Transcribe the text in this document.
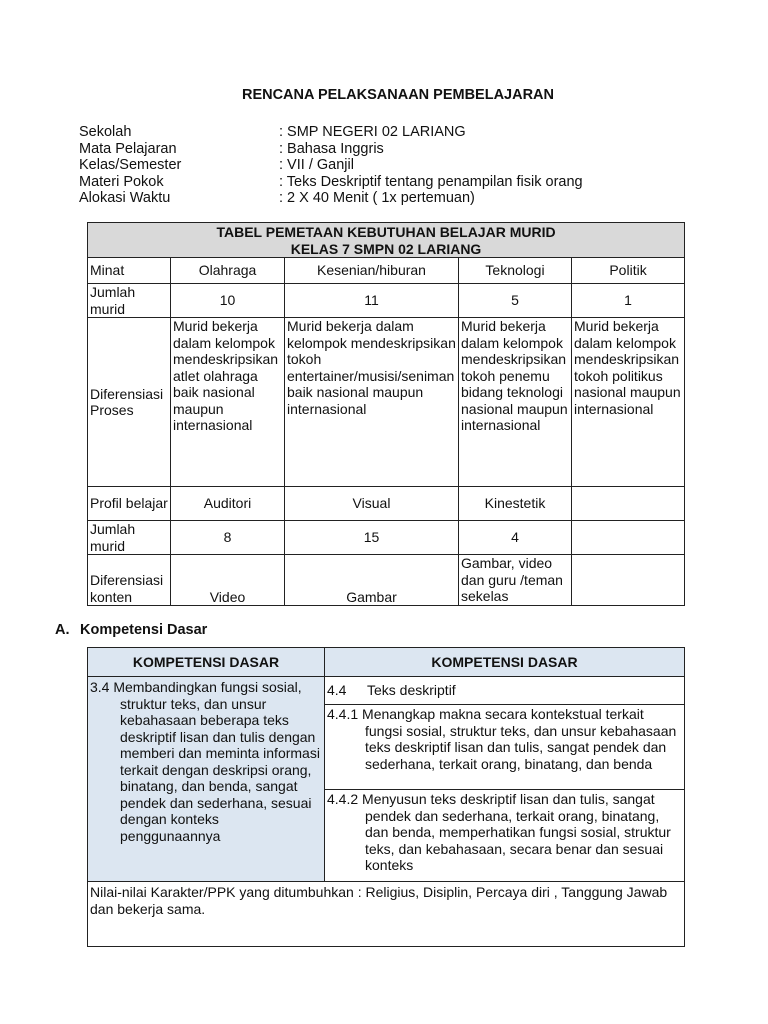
RENCANA PELAKSANAAN PEMBELAJARAN
Sekolah	: SMP NEGERI 02 LARIANG
Mata Pelajaran	: Bahasa Inggris
Kelas/Semester	: VII / Ganjil
Materi Pokok	: Teks Deskriptif tentang penampilan fisik orang
Alokasi Waktu	: 2 X 40 Menit ( 1x pertemuan)
TABEL PEMETAAN KEBUTUHAN BELAJAR MURID
KELAS 7 SMPN 02 LARIANG				

Minat	Olahraga	Kesenian/hiburan	Teknologi	Politik
Jumlah murid	10	11	5	1
Diferensiasi Proses	Murid bekerja dalam kelompok mendeskripsikan atlet olahraga baik nasional maupun internasional	Murid bekerja dalam kelompok mendeskripsikan tokoh entertainer/musisi/seniman baik nasional maupun internasional	Murid bekerja dalam kelompok mendeskripsikan tokoh penemu bidang teknologi nasional maupun internasional	Murid bekerja dalam kelompok mendeskripsikan tokoh politikus nasional maupun internasional
Profil belajar	Auditori	Visual	Kinestetik	
Jumlah murid	8	15	4	
Diferensiasi konten	Video	Gambar	Gambar, video dan guru /teman sekelas	
A. Kompetensi Dasar
KOMPETENSI DASAR	KOMPETENSI DASAR

3.4 Membandingkan fungsi sosial, struktur teks, dan unsur kebahasaan beberapa teks deskriptif lisan dan tulis dengan memberi dan meminta informasi terkait dengan deskripsi orang, binatang, dan benda, sangat pendek dan sederhana, sesuai dengan konteks penggunaannya	4.4 Teks deskriptif

	4.4.1 Menangkap makna secara kontekstual terkait fungsi sosial, struktur teks, dan unsur kebahasaan teks deskriptif lisan dan tulis, sangat pendek dan sederhana, terkait orang, binatang, dan benda

	4.4.2 Menyusun teks deskriptif lisan dan tulis, sangat pendek dan sederhana, terkait orang, binatang, dan benda, memperhatikan fungsi sosial, struktur teks, dan kebahasaan, secara benar dan sesuai konteks

Nilai-nilai Karakter/PPK yang ditumbuhkan : Religius, Disiplin, Percaya diri , Tanggung Jawab dan bekerja sama.	
